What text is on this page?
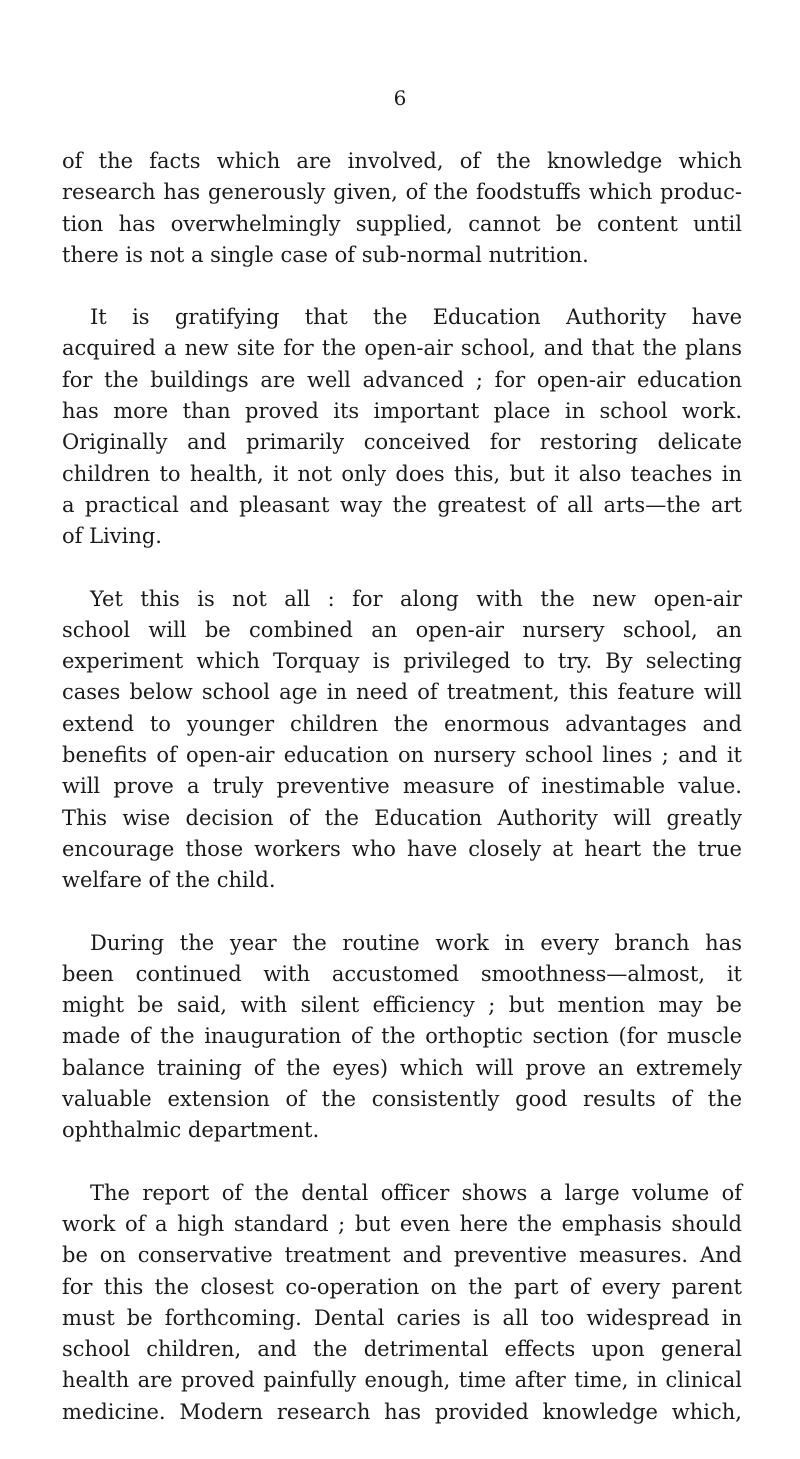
6

of the facts which are involved, of the knowledge which
research has generously given, of the foodstuffs which produc-
tion has overwhelmingly supplied, cannot be content until
there is not a single case of sub-normal nutrition.

It is gratifying that the Education Authority have
acquired a new site for the open-air school, and that the plans
for the buildings are well advanced ; for open-air education
has more than proved its important place in school work.
Originally and primarily conceived for restoring delicate
children to health, it not only does this, but it also teaches in
a practical and pleasant way the greatest of all arts—the art
of Living.

Yet this is not all : for along with the new open-air
school will be combined an open-air nursery school, an
experiment which Torquay is privileged to try. By selecting
cases below school age in need of treatment, this feature will
extend to younger children the enormous advantages and
benefits of open-air education on nursery school lines ; and it
will prove a truly preventive measure of inestimable value.
This wise decision of the Education Authority will greatly
encourage those workers who have closely at heart the true
welfare of the child.

During the year the routine work in every branch has
been continued with accustomed smoothness—almost, it
might be said, with silent efficiency ; but mention may be
made of the inauguration of the orthoptic section (for muscle
balance training of the eyes) which will prove an extremely
valuable extension of the consistently good results of the
ophthalmic department.

The report of the dental officer shows a large volume of
work of a high standard ; but even here the emphasis should
be on conservative treatment and preventive measures. And
for this the closest co-operation on the part of every parent
must be forthcoming. Dental caries is all too widespread in
school children, and the detrimental effects upon general
health are proved painfully enough, time after time, in clinical
medicine. Modern research has provided knowledge which,
